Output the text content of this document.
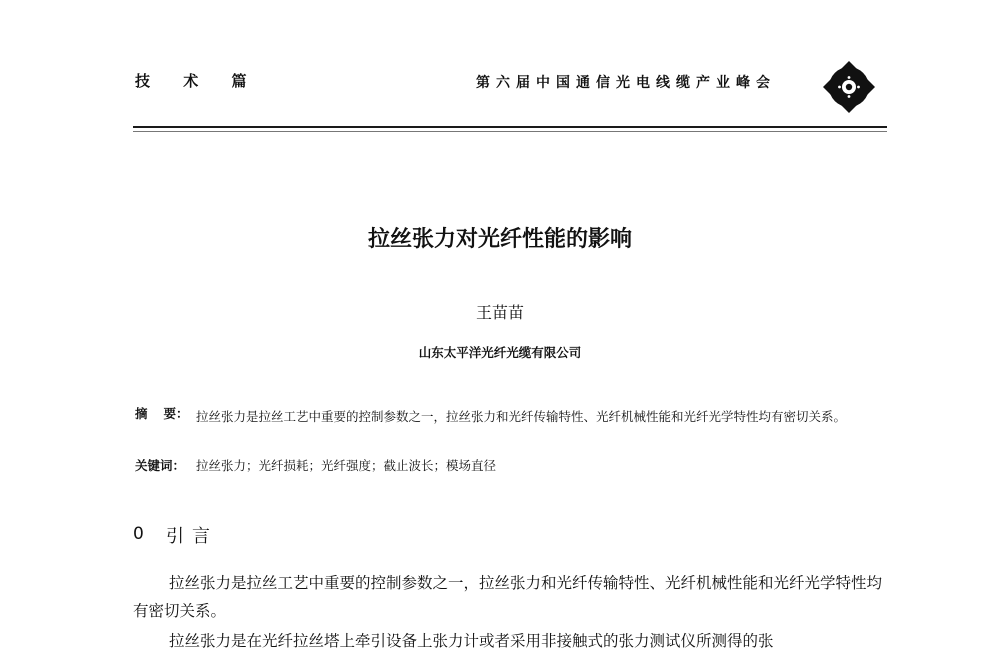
技 术 篇	第六届中国通信光电线缆产业峰会
拉丝张力对光纤性能的影响
王苗苗
山东太平洋光纤光缆有限公司
摘要： 拉丝张力是拉丝工艺中重要的控制参数之一，拉丝张力和光纤传输特性、光纤机械性能和光纤光学特性均有密切关系。
关键词： 拉丝张力；光纤损耗；光纤强度；截止波长；模场直径
0 引言
拉丝张力是拉丝工艺中重要的控制参数之一，拉丝张力和光纤传输特性、光纤机械性能和光纤光学特性均有密切关系。
拉丝张力是在光纤拉丝塔上牵引设备上张力计或者采用非接触式的张力测试仪所测得的张
